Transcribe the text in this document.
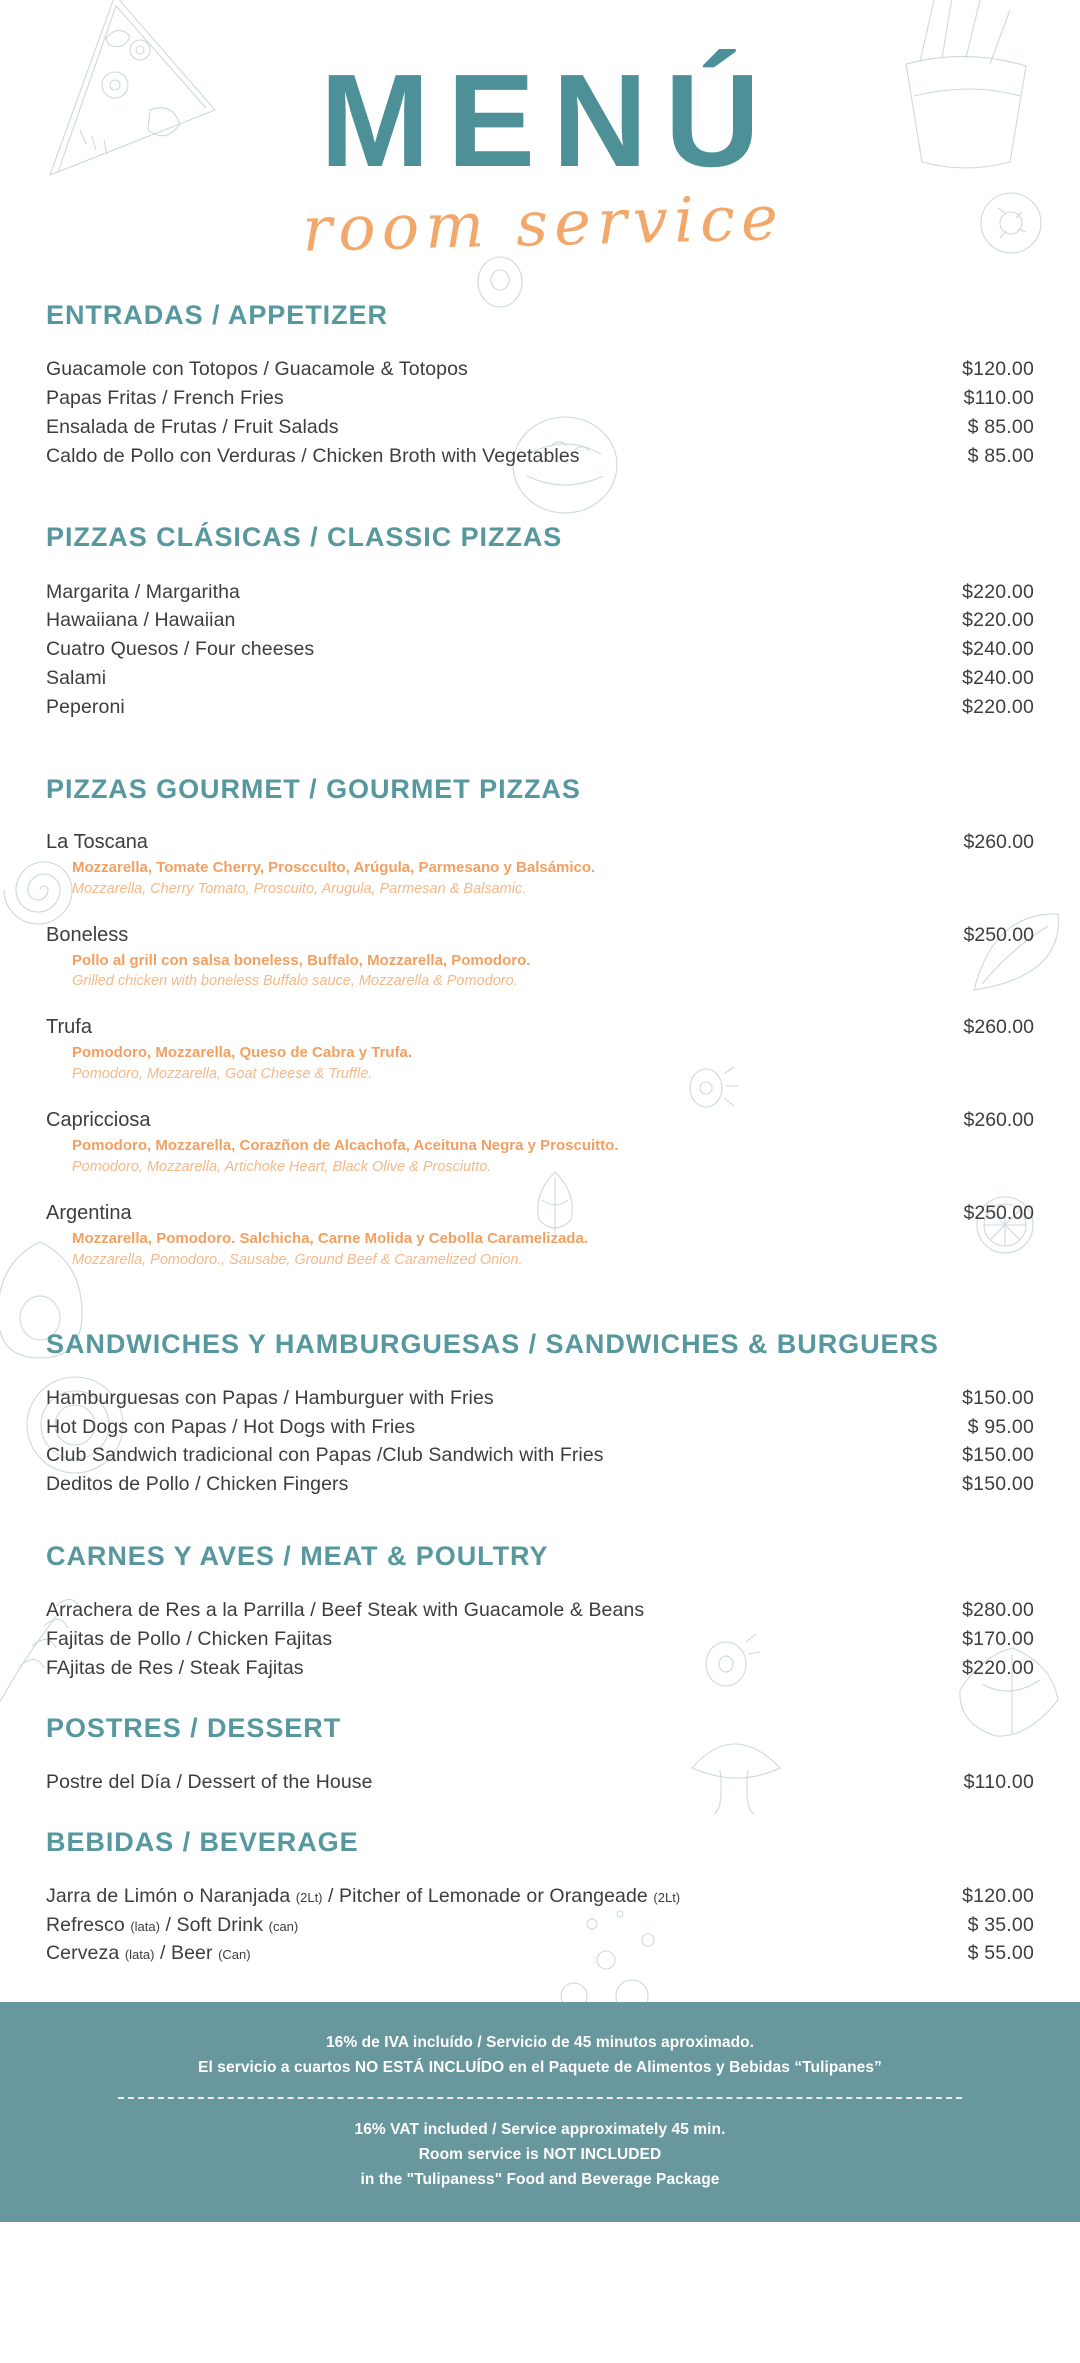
MENÚ
room service
ENTRADAS / APPETIZER
Guacamole con Totopos / Guacamole & Totopos	$120.00
Papas Fritas / French Fries	$110.00
Ensalada de Frutas / Fruit Salads	$ 85.00
Caldo de Pollo con Verduras / Chicken Broth with Vegetables	$ 85.00
PIZZAS CLÁSICAS / CLASSIC PIZZAS
Margarita / Margaritha	$220.00
Hawaiiana / Hawaiian	$220.00
Cuatro Quesos / Four cheeses	$240.00
Salami	$240.00
Peperoni	$220.00
PIZZAS GOURMET / GOURMET PIZZAS
La Toscana
Mozzarella, Tomate Cherry, Proscculto, Arúgula, Parmesano y Balsámico.
Mozzarella, Cherry Tomato, Proscuito, Arugula, Parmesan & Balsamic.
$260.00
Boneless
Pollo al grill con salsa boneless, Buffalo, Mozzarella, Pomodoro.
Grilled chicken with boneless Buffalo sauce, Mozzarella & Pomodoro.
$250.00
Trufa
Pomodoro, Mozzarella, Queso de Cabra y Trufa.
Pomodoro, Mozzarella, Goat Cheese & Truffle.
$260.00
Capricciosa
Pomodoro, Mozzarella, Corazñon de Alcachofa, Aceituna Negra y Proscuitto.
Pomodoro, Mozzarella, Artichoke Heart, Black Olive & Prosciutto.
$260.00
Argentina
Mozzarella, Pomodoro. Salchicha, Carne Molida y Cebolla Caramelizada.
Mozzarella, Pomodoro., Sausabe, Ground Beef & Caramelized Onion.
$250.00
SANDWICHES Y HAMBURGUESAS / SANDWICHES & BURGUERS
Hamburguesas con Papas / Hamburguer with Fries	$150.00
Hot Dogs con Papas / Hot Dogs with Fries	$ 95.00
Club Sandwich tradicional con Papas /Club Sandwich with Fries	$150.00
Deditos de Pollo / Chicken Fingers	$150.00
CARNES Y AVES / MEAT & POULTRY
Arrachera de Res a la Parrilla / Beef Steak with Guacamole & Beans	$280.00
Fajitas de Pollo / Chicken Fajitas	$170.00
FAjitas de Res / Steak Fajitas	$220.00
POSTRES / DESSERT
Postre del Día / Dessert of the House	$110.00
BEBIDAS / BEVERAGE
Jarra de Limón o Naranjada (2Lt) / Pitcher of Lemonade or Orangeade (2Lt)	$120.00
Refresco (lata) / Soft Drink (can)	$ 35.00
Cerveza (lata) / Beer (Can)	$ 55.00
16% de IVA incluído / Servicio de 45 minutos aproximado.
El servicio a cuartos NO ESTÁ INCLUÍDO en el Paquete de Alimentos y Bebidas “Tulipanes”
16% VAT included / Service approximately 45 min.
Room service is NOT INCLUDED
in the "Tulipaness" Food and Beverage Package
